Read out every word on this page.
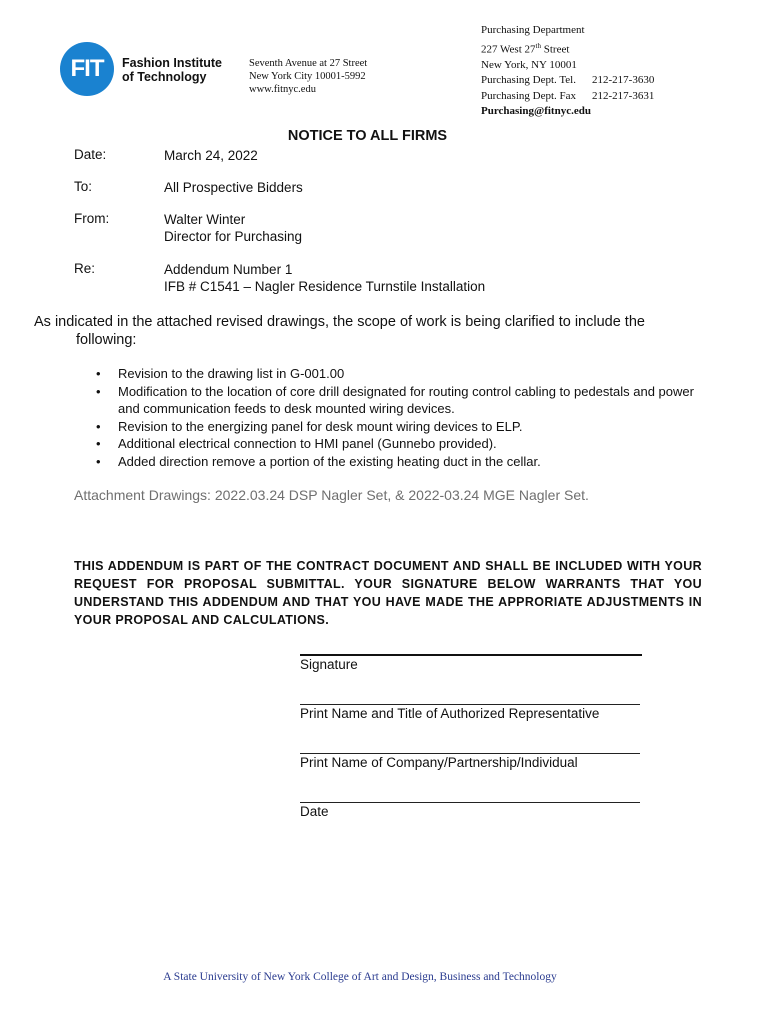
FIT Fashion Institute
of Technology
Seventh Avenue at 27 Street
New York City 10001-5992
www.fitnyc.edu
Purchasing Department
227 West 27th Street
New York, NY 10001
Purchasing Dept. Tel. 212-217-3630
Purchasing Dept. Fax 212-217-3631
Purchasing@fitnyc.edu
NOTICE TO ALL FIRMS
Date:	March 24, 2022
To:	All Prospective Bidders
From:	Walter Winter
Director for Purchasing
Re:	Addendum Number 1
IFB # C1541 – Nagler Residence Turnstile Installation
As indicated in the attached revised drawings, the scope of work is being clarified to include the
following:
• Revision to the drawing list in G-001.00
• Modification to the location of core drill designated for routing control cabling to pedestals and power and communication feeds to desk mounted wiring devices.
• Revision to the energizing panel for desk mount wiring devices to ELP.
• Additional electrical connection to HMI panel (Gunnebo provided).
• Added direction remove a portion of the existing heating duct in the cellar.
Attachment Drawings: 2022.03.24 DSP Nagler Set, & 2022-03.24 MGE Nagler Set.
THIS ADDENDUM IS PART OF THE CONTRACT DOCUMENT AND SHALL BE INCLUDED WITH YOUR REQUEST FOR PROPOSAL SUBMITTAL. YOUR SIGNATURE BELOW WARRANTS THAT YOU UNDERSTAND THIS ADDENDUM AND THAT YOU HAVE MADE THE APPRORIATE ADJUSTMENTS IN YOUR PROPOSAL AND CALCULATIONS.
Signature
Print Name and Title of Authorized Representative
Print Name of Company/Partnership/Individual
Date
A State University of New York College of Art and Design, Business and Technology
